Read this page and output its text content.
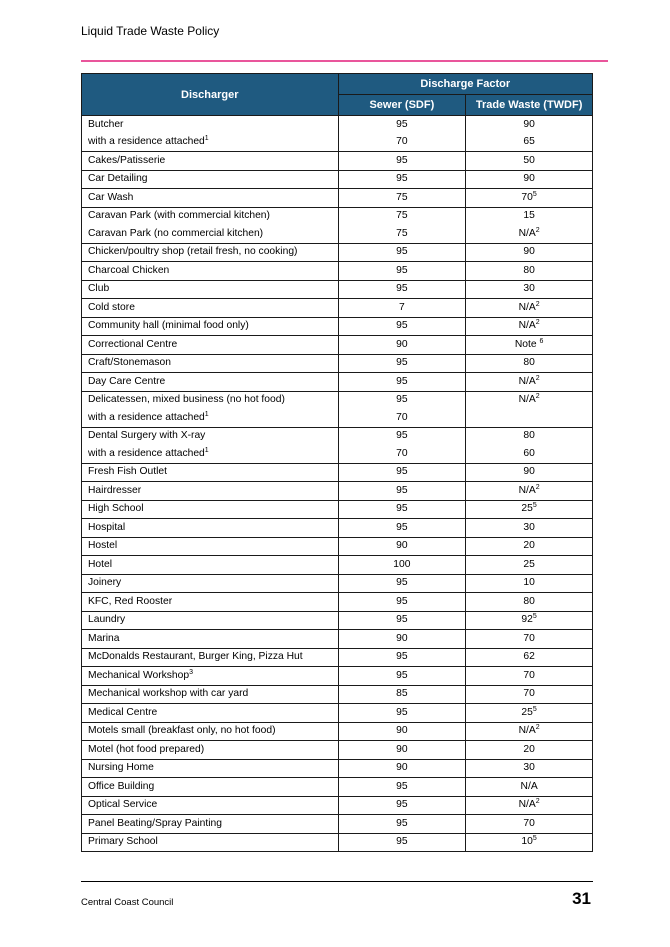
Liquid Trade Waste Policy
Discharger	Discharge Factor	
	Sewer (SDF)	Trade Waste (TWDF)
Butcher	95	90
with a residence attached$^1$	70	65
Cakes/Patisserie	95	50
Car Detailing	95	90
Car Wash	75	$70^5$
Caravan Park (with commercial kitchen)	75	15
Caravan Park (no commercial kitchen)	75	$N/A^2$
Chicken/poultry shop (retail fresh, no cooking)	95	90
Charcoal Chicken	95	80
Club	95	30
Cold store	7	$N/A^2$
Community hall (minimal food only)	95	$N/A^2$
Correctional Centre	90	Note $^6$
Craft/Stonemason	95	80
Day Care Centre	95	$N/A^2$
Delicatessen, mixed business (no hot food)	95	$N/A^2$
with a residence attached$^1$	70	
Dental Surgery with X-ray	95	80
with a residence attached$^1$	70	60
Fresh Fish Outlet	95	90
Hairdresser	95	$N/A^2$
High School	95	$25^5$
Hospital	95	30
Hostel	90	20
Hotel	100	25
Joinery	95	10
KFC, Red Rooster	95	80
Laundry	95	$92^5$
Marina	90	70
McDonalds Restaurant, Burger King, Pizza Hut	95	62
Mechanical Workshop$^3$	95	70
Mechanical workshop with car yard	85	70
Medical Centre	95	$25^5$
Motels small (breakfast only, no hot food)	90	$N/A^2$
Motel (hot food prepared)	90	20
Nursing Home	90	30
Office Building	95	N/A
Optical Service	95	$N/A^2$
Panel Beating/Spray Painting	95	70
Primary School	95	$10^5$
Central Coast Council	31
